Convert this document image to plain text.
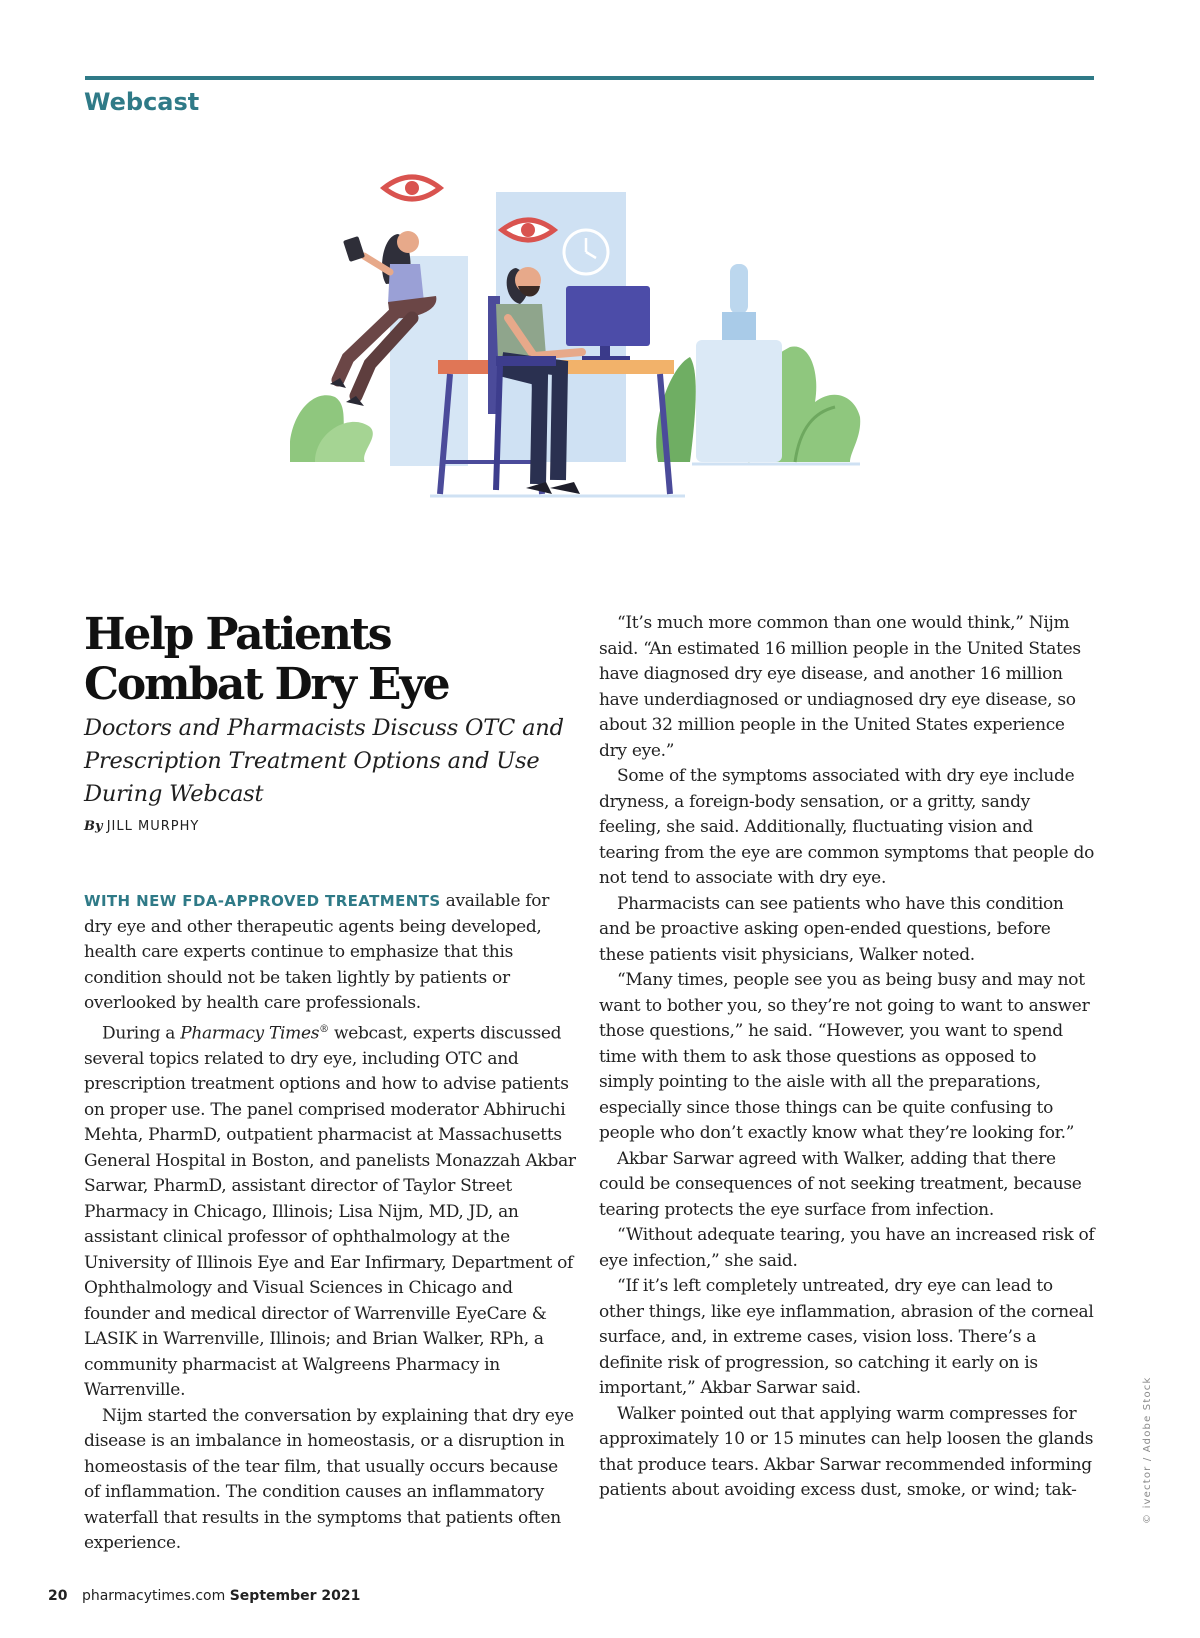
Webcast
© ivector / Adobe Stock
Help Patients Combat Dry Eye

Doctors and Pharmacists Discuss OTC and Prescription Treatment Options and Use During Webcast

By JILL MURPHY

WITH NEW FDA-APPROVED TREATMENTS available for dry eye and other therapeutic agents being developed, health care experts continue to emphasize that this condition should not be taken lightly by patients or overlooked by health care professionals.

During a Pharmacy Times® webcast, experts discussed several topics related to dry eye, including OTC and prescription treatment options and how to advise patients on proper use. The panel comprised moderator Abhiruchi Mehta, PharmD, outpatient pharmacist at Massachusetts General Hospital in Boston, and panelists Monazzah Akbar Sarwar, PharmD, assistant director of Taylor Street Pharmacy in Chicago, Illinois; Lisa Nijm, MD, JD, an assistant clinical professor of ophthalmology at the University of Illinois Eye and Ear Infirmary, Department of Ophthalmology and Visual Sciences in Chicago and founder and medical director of Warrenville EyeCare & LASIK in Warrenville, Illinois; and Brian Walker, RPh, a community pharmacist at Walgreens Pharmacy in Warrenville.

Nijm started the conversation by explaining that dry eye disease is an imbalance in homeostasis, or a disruption in homeostasis of the tear film, that usually occurs because of inflammation. The condition causes an inflammatory waterfall that results in the symptoms that patients often experience.

“It’s much more common than one would think,” Nijm said. “An estimated 16 million people in the United States have diagnosed dry eye disease, and another 16 million have underdiagnosed or undiagnosed dry eye disease, so about 32 million people in the United States experience dry eye.”

Some of the symptoms associated with dry eye include dryness, a foreign-body sensation, or a gritty, sandy feeling, she said. Additionally, fluctuating vision and tearing from the eye are common symptoms that people do not tend to associate with dry eye.

Pharmacists can see patients who have this condition and be proactive asking open-ended questions, before these patients visit physicians, Walker noted.

“Many times, people see you as being busy and may not want to bother you, so they’re not going to want to answer those questions,” he said. “However, you want to spend time with them to ask those questions as opposed to simply pointing to the aisle with all the preparations, especially since those things can be quite confusing to people who don’t exactly know what they’re looking for.”

Akbar Sarwar agreed with Walker, adding that there could be consequences of not seeking treatment, because tearing protects the eye surface from infection.

“Without adequate tearing, you have an increased risk of eye infection,” she said.

“If it’s left completely untreated, dry eye can lead to other things, like eye inflammation, abrasion of the corneal surface, and, in extreme cases, vision loss. There’s a definite risk of progression, so catching it early on is important,” Akbar Sarwar said.

Walker pointed out that applying warm compresses for approximately 10 or 15 minutes can help loosen the glands that produce tears. Akbar Sarwar recommended informing patients about avoiding excess dust, smoke, or wind; tak-

20 pharmacytimes.com September 2021
